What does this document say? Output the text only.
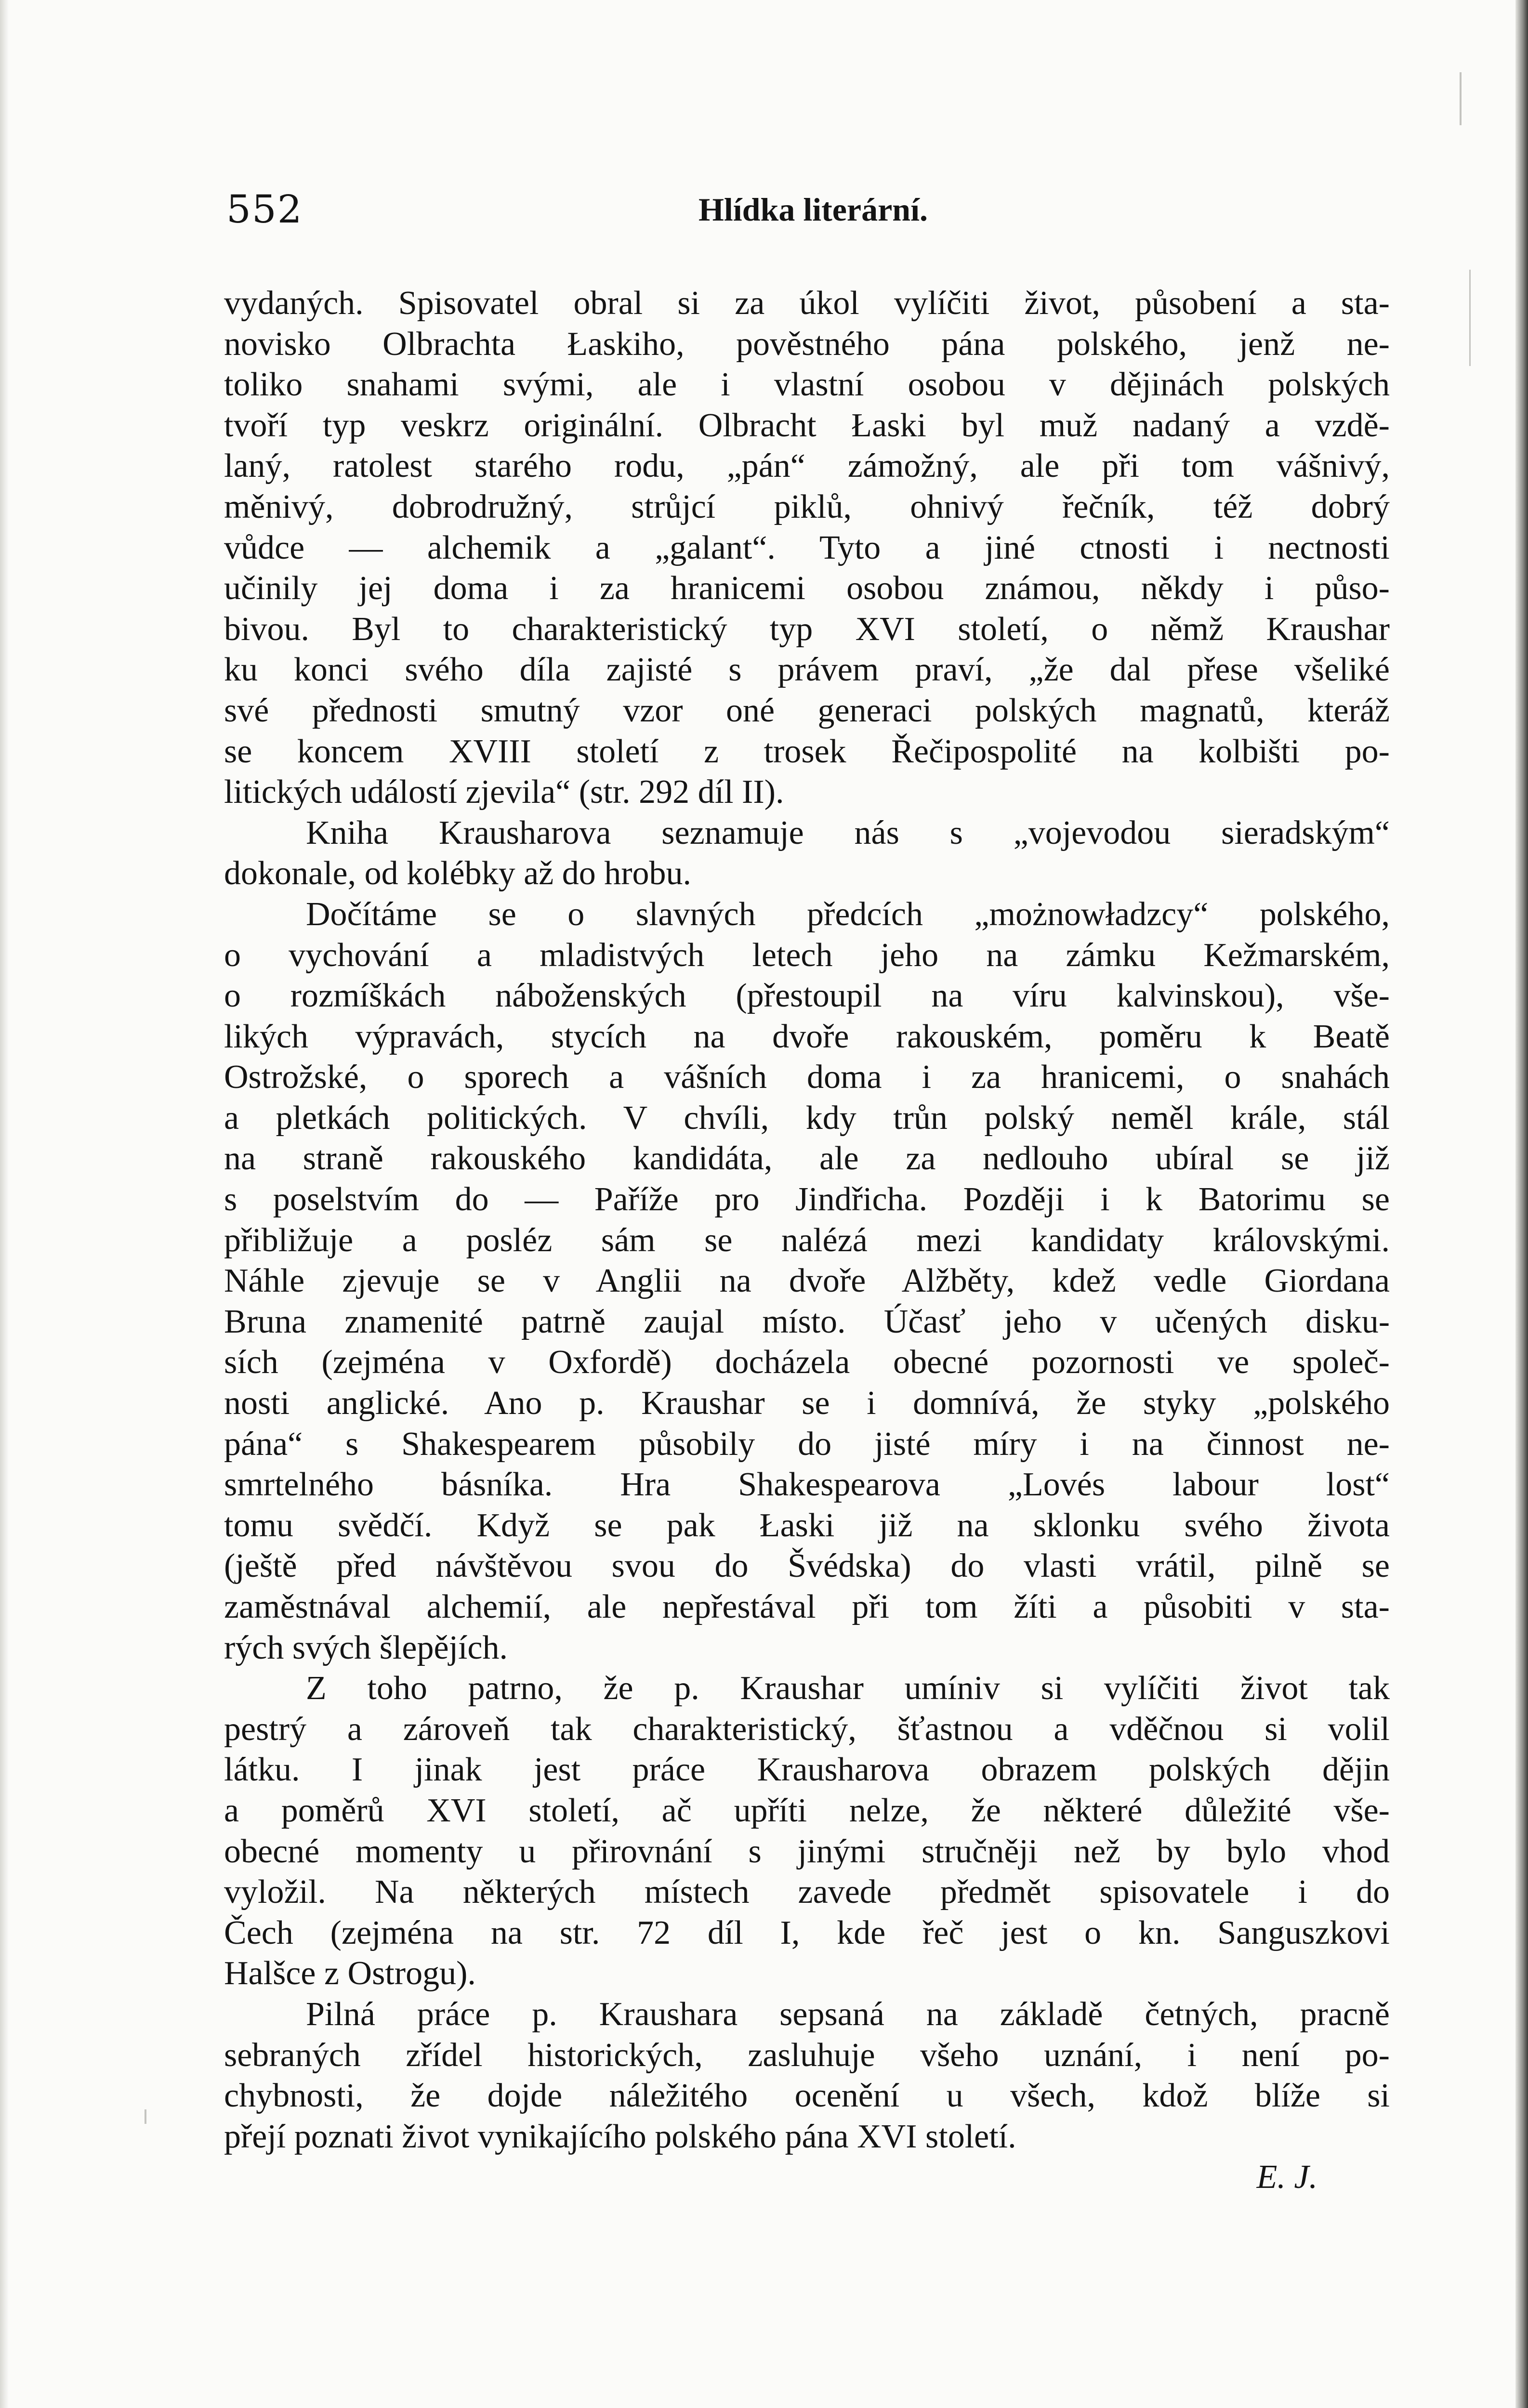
552	Hlídka literární.
vydaných. Spisovatel obral si za úkol vylíčiti život, působení a sta-
novisko Olbrachta Łaskiho, pověstného pána polského, jenž ne-
toliko snahami svými, ale i vlastní osobou v dějinách polských
tvoří typ veskrz originální. Olbracht Łaski byl muž nadaný a vzdě-
laný, ratolest starého rodu, „pán“ zámožný, ale při tom vášnivý,
měnivý, dobrodružný, strůjcí piklů, ohnivý řečník, též dobrý
vůdce — alchemik a „galant“. Tyto a jiné ctnosti i nectnosti
učinily jej doma i za hranicemi osobou známou, někdy i půso-
bivou. Byl to charakteristický typ XVI století, o němž Kraushar
ku konci svého díla zajisté s právem praví, „že dal přese všeliké
své přednosti smutný vzor oné generaci polských magnatů, kteráž
se koncem XVIII století z trosek Řečipospolité na kolbišti po-
litických událostí zjevila“ (str. 292 díl II).
Kniha Krausharova seznamuje nás s „vojevodou sieradským“
dokonale, od kolébky až do hrobu.
Dočítáme se o slavných předcích „możnowładzcy“ polského,
o vychování a mladistvých letech jeho na zámku Kežmarském,
o rozmíškách náboženských (přestoupil na víru kalvinskou), vše-
likých výpravách, stycích na dvoře rakouském, poměru k Beatě
Ostrožské, o sporech a vášních doma i za hranicemi, o snahách
a pletkách politických. V chvíli, kdy trůn polský neměl krále, stál
na straně rakouského kandidáta, ale za nedlouho ubíral se již
s poselstvím do — Paříže pro Jindřicha. Později i k Batorimu se
přibližuje a posléz sám se nalézá mezi kandidaty královskými.
Náhle zjevuje se v Anglii na dvoře Alžběty, kdež vedle Giordana
Bruna znamenité patrně zaujal místo. Účasť jeho v učených disku-
sích (zejména v Oxfordě) docházela obecné pozornosti ve společ-
nosti anglické. Ano p. Kraushar se i domnívá, že styky „polského
pána“ s Shakespearem působily do jisté míry i na činnost ne-
smrtelného básníka. Hra Shakespearova „Lovés labour lost“
tomu svědčí. Když se pak Łaski již na sklonku svého života
(ještě před návštěvou svou do Švédska) do vlasti vrátil, pilně se
zaměstnával alchemií, ale nepřestával při tom žíti a působiti v sta-
rých svých šlepějích.
Z toho patrno, že p. Kraushar umíniv si vylíčiti život tak
pestrý a zároveň tak charakteristický, šťastnou a vděčnou si volil
látku. I jinak jest práce Krausharova obrazem polských dějin
a poměrů XVI století, ač upříti nelze, že některé důležité vše-
obecné momenty u přirovnání s jinými stručněji než by bylo vhod
vyložil. Na některých místech zavede předmět spisovatele i do
Čech (zejména na str. 72 díl I, kde řeč jest o kn. Sanguszkovi
Halšce z Ostrogu).
Pilná práce p. Kraushara sepsaná na základě četných, pracně
sebraných zřídel historických, zasluhuje všeho uznání, i není po-
chybnosti, že dojde náležitého ocenění u všech, kdož blíže si
přejí poznati život vynikajícího polského pána XVI století.
E. J.
